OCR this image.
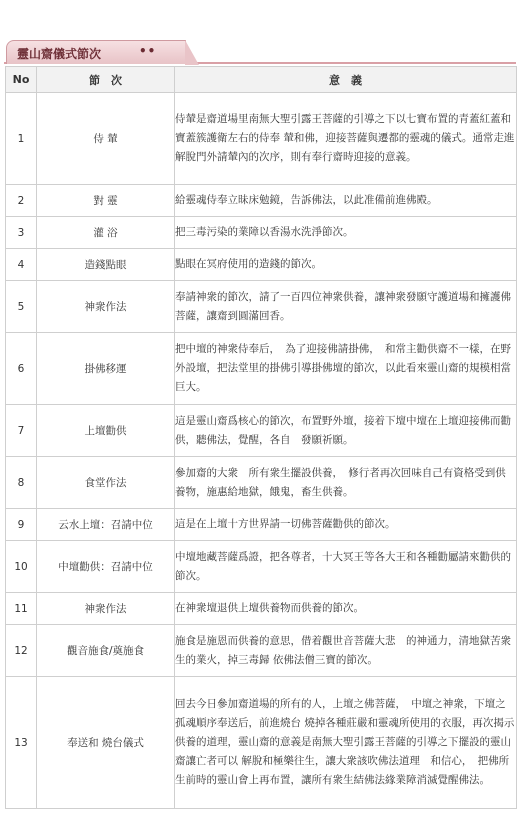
靈山齋儀式節次	••
No	節　次	意　義
1	侍 輦	侍輦是齋道場里南無大聖引露王菩薩的引導之下以七寶布置的青蓋紅蓋和寶蓋簇護衛左右的侍奉 輦和佛，迎接菩薩與遷都的靈魂的儀式。通常走進解脫門外請輦內的次序，則有奉行齋時迎接的意義。
2	對 靈	給靈魂侍奉立昧床勉鏡，告訴佛法，以此准備前進佛殿。
3	灌 浴	把三毒污染的業障以香湯水洗淨節次。
4	造錢點眼	點眼在冥府使用的造錢的節次。
5	神衆作法	奉請神衆的節次，請了一百四位神衆供養，讓神衆發願守護道場和擁護佛菩薩，讓齋到圓滿回香。
6	掛佛移運	把中壇的神衆侍奉后，　為了迎接佛請掛佛，　和常主勸供齋不一樣，在野外設壇，把法堂里的掛佛引導掛佛壇的節次，以此看來靈山齋的規模相當巨大。
7	上壇勸供	這是靈山齋爲核心的節次，布置野外壇，接着下壇中壇在上壇迎接佛而勸供，聽佛法，覺醒，各自　發願祈願。
8	食堂作法	參加齋的大衆　所有衆生擺設供養，　修行者再次回味自己有資格受到供養物，施惠給地獄，餓鬼，畜生供養。
9	云水上壇：召請中位	這是在上壇十方世界請一切佛菩薩勸供的節次。
10	中壇勸供：召請中位	中壇地藏菩薩爲證，把各尊者，十大冥王等各大王和各種勸屬請來勸供的節次。
11	神衆作法	在神衆壇退供上壇供養物而供養的節次。
12	觀音施食/奠施食	施食是施恩而供養的意思，借着觀世音菩薩大悲　的神通力，清地獄苦衆生的業火，掉三毒歸 依佛法僧三寶的節次。
13	奉送和 燒台儀式	回去今日參加齋道場的所有的人，上壇之佛菩薩，　中壇之神衆，下壇之孤魂順序奉送后，前進燒台 燒掉各種莊嚴和靈魂所使用的衣服，再次揭示供養的道理，靈山齋的意義是南無大聖引露王菩薩的引導之下擺設的靈山齋讓亡者可以 解脫和極樂往生，讓大衆該吹佛法道理　和信心，　把佛所生前時的靈山會上再布置，讓所有衆生結佛法緣業障消滅覺醒佛法。
